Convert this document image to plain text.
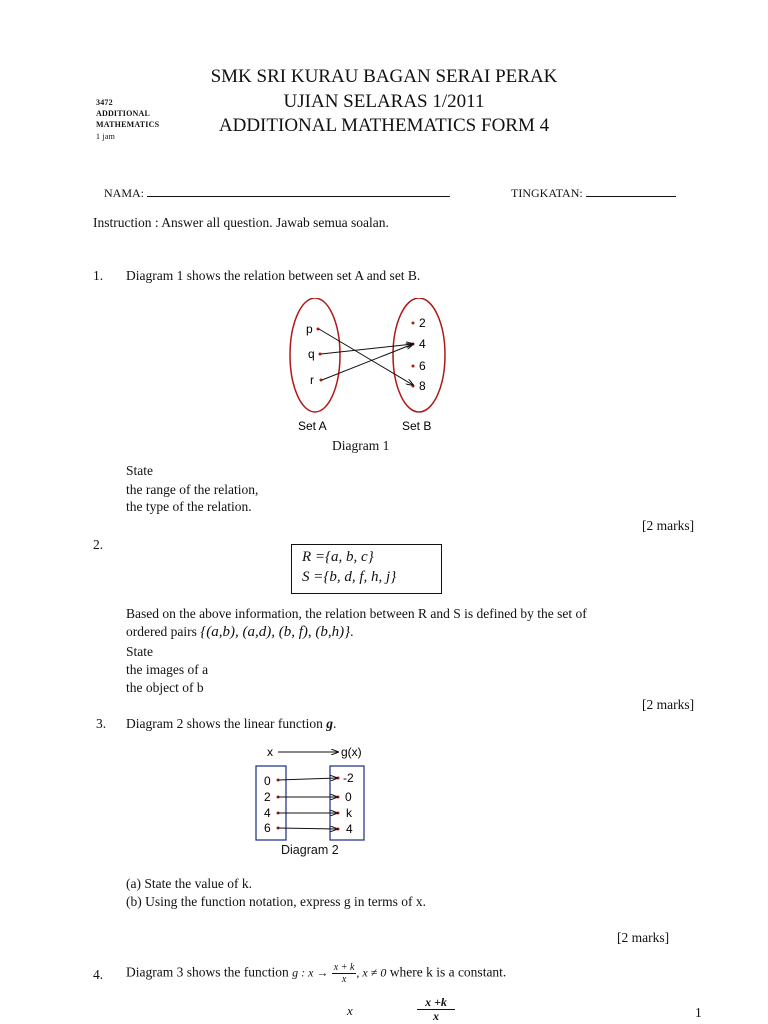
SMK SRI KURAU BAGAN SERAI PERAK
UJIAN SELARAS 1/2011
ADDITIONAL MATHEMATICS FORM 4
3472
ADDITIONAL
MATHEMATICS
1 jam
NAMA:	TINGKATAN:
Instruction : Answer all question. Jawab semua soalan.
1. Diagram 1 shows the relation between set A and set B.
p
q
r
2
4
6
8
Set A	Set B
Diagram 1
State
the range of the relation,
the type of the relation.
[2 marks]
2.
R ={a, b, c}
S ={b, d, f, h, j}
Based on the above information, the relation between R and S is defined by the set of
ordered pairs {(a,b), (a,d), (b, f), (b,h)}.
State
the images of a
the object of b
[2 marks]
3. Diagram 2 shows the linear function g.
x	g(x)
0
2
4
6
-2
0
k
4
Diagram 2
(a) State the value of k.
(b) Using the function notation, express g in terms of x.
[2 marks]
4. Diagram 3 shows the function g : $x \to \frac{x + k}{x}$ , x ≠ 0 where k is a constant.
x	$\frac{x +k}{x}$	1
